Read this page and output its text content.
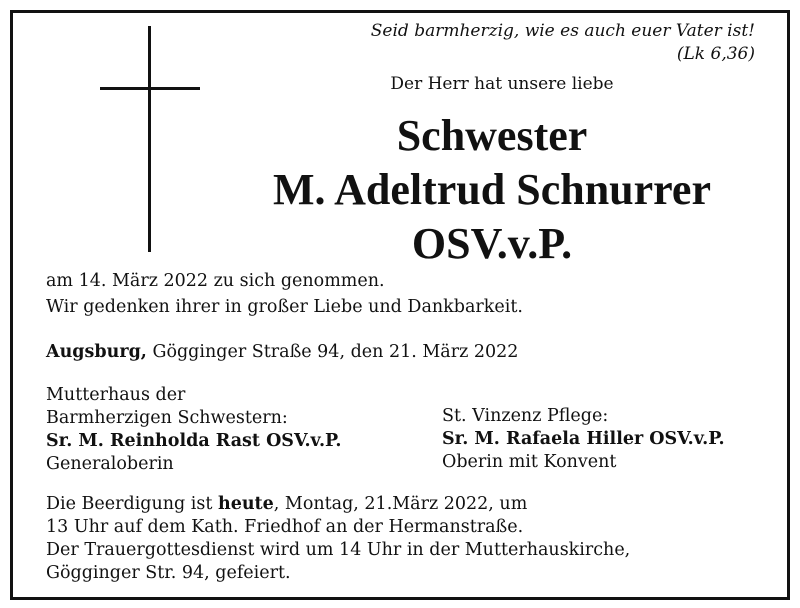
Seid barmherzig, wie es auch euer Vater ist!
(Lk 6,36)
Der Herr hat unsere liebe
Schwester
M. Adeltrud Schnurrer
OSV.v.P.
am 14. März 2022 zu sich genommen.
Wir gedenken ihrer in großer Liebe und Dankbarkeit.
Augsburg, Gögginger Straße 94, den 21. März 2022
Mutterhaus der
Barmherzigen Schwestern:
Sr. M. Reinholda Rast OSV.v.P.
Generaloberin
St. Vinzenz Pflege:
Sr. M. Rafaela Hiller OSV.v.P.
Oberin mit Konvent
Die Beerdigung ist heute, Montag, 21.März 2022, um
13 Uhr auf dem Kath. Friedhof an der Hermanstraße.
Der Trauergottesdienst wird um 14 Uhr in der Mutterhauskirche,
Gögginger Str. 94, gefeiert.
